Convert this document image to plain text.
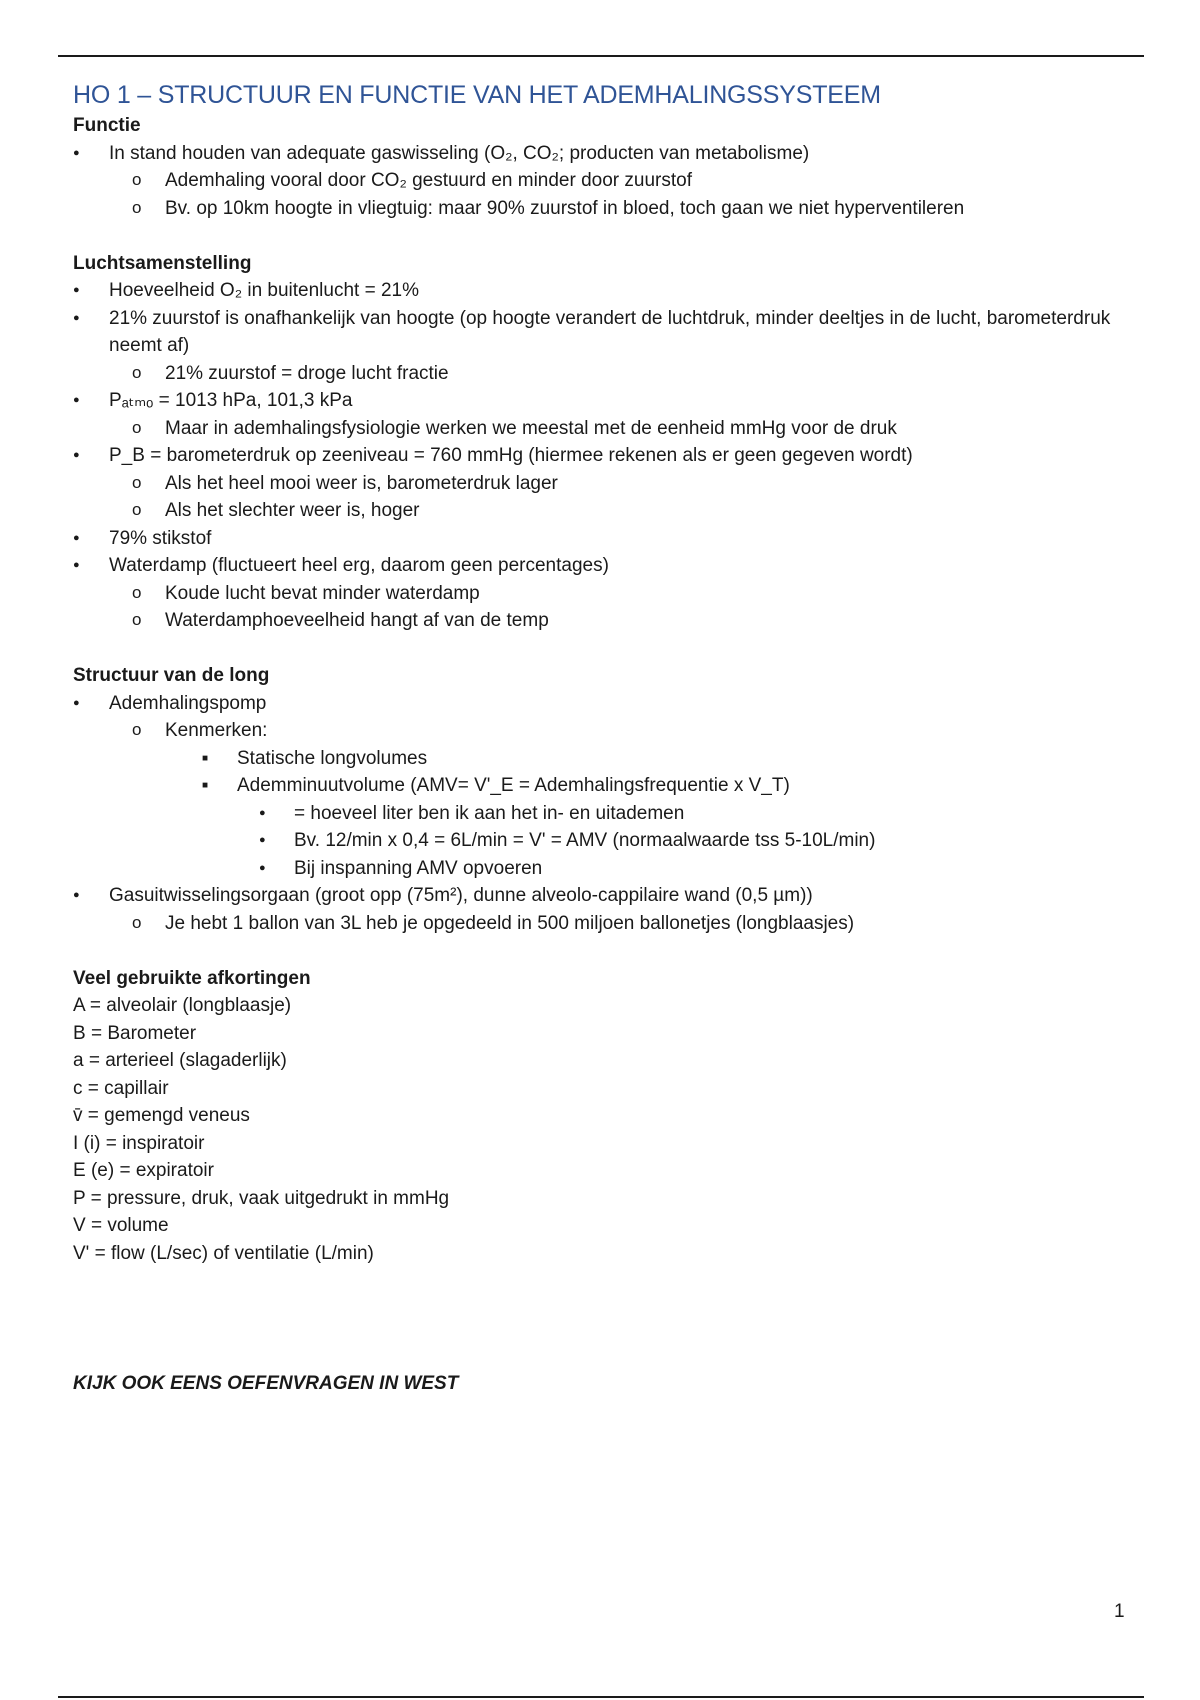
HO 1 – STRUCTUUR EN FUNCTIE VAN HET ADEMHALINGSSYSTEEM

Functie

● In stand houden van adequate gaswisseling (O₂, CO₂; producten van metabolisme)
o Ademhaling vooral door CO₂ gestuurd en minder door zuurstof
o Bv. op 10km hoogte in vliegtuig: maar 90% zuurstof in bloed, toch gaan we niet hyperventileren

Luchtsamenstelling

● Hoeveelheid O₂ in buitenlucht = 21%
● 21% zuurstof is onafhankelijk van hoogte (op hoogte verandert de luchtdruk, minder deeltjes in de lucht, barometerdruk neemt af)
o 21% zuurstof = droge lucht fractie
● Pₐₜₘₒ = 1013 hPa, 101,3 kPa
o Maar in ademhalingsfysiologie werken we meestal met de eenheid mmHg voor de druk
● P_B = barometerdruk op zeeniveau = 760 mmHg (hiermee rekenen als er geen gegeven wordt)
o Als het heel mooi weer is, barometerdruk lager
o Als het slechter weer is, hoger
● 79% stikstof
● Waterdamp (fluctueert heel erg, daarom geen percentages)
o Koude lucht bevat minder waterdamp
o Waterdamphoeveelheid hangt af van de temp

Structuur van de long

● Ademhalingspomp
o Kenmerken:
■ Statische longvolumes
■ Ademminuutvolume (AMV= V'_E = Ademhalingsfrequentie x V_T)
● = hoeveel liter ben ik aan het in- en uitademen
● Bv. 12/min x 0,4 = 6L/min = V' = AMV (normaalwaarde tss 5-10L/min)
● Bij inspanning AMV opvoeren
● Gasuitwisselingsorgaan (groot opp (75m²), dunne alveolo-cappilaire wand (0,5 µm))
o Je hebt 1 ballon van 3L heb je opgedeeld in 500 miljoen ballonetjes (longblaasjes)

Veel gebruikte afkortingen

A = alveolair (longblaasje)

B = Barometer

a = arterieel (slagaderlijk)

c = capillair

v̄ = gemengd veneus

I (i) = inspiratoir

E (e) = expiratoir

P = pressure, druk, vaak uitgedrukt in mmHg

V = volume

V' = flow (L/sec) of ventilatie (L/min)

KIJK OOK EENS OEFENVRAGEN IN WEST
1
